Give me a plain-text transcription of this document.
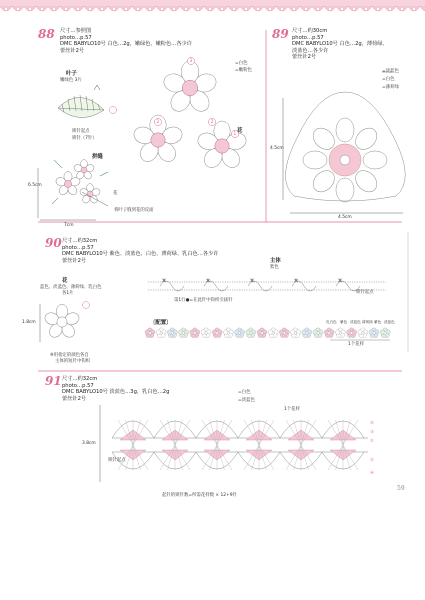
×	×	×	×	×
88 尺寸…参照图
photo…p.57
DMC BABYLO10号 白色…2g，嫩绿色、嫩粉色…各少许
蕾丝针2号
叶子
嫩绿色 3片
锁针起点
锁针（7针）
花
=白色
=嫩粉色
拼缝
花
将叶子缝到花的反面
6.5cm
7cm
3
2	2
1
89 尺寸…约30cm
photo…p.57
DMC BABYLO10号 白色…2g，薄荷绿、
淡蓝色…各少许
蕾丝针2号
=淡蓝色
=白色
=薄荷绿
4.5cm
4.5cm
90 尺寸…约32cm
photo…p.57
DMC BABYLO10号 紫色、淡蓝色、白色、薄荷绿、乳白色…各少许
蕾丝针2号
花
蓝色、淡蓝色、薄荷绿、乳白色
各1片
主体
紫色
第1行●=在此针中钩织引拔针
锁针起点
〔配置〕	乳白色 紫色 淡蓝色 薄荷绿 紫色 淡蓝色
1个花样
1.8cm
※用指定的颜色各自
主体的短针中钩织
91 尺寸…约32cm
photo…p.57
DMC BABYLO10号 淡蓝色…3g，乳白色…2g
蕾丝针2号
=白色
=淡蓝色
1个花样
3.8cm
锁针起点
⑤
③
①
②
④
起针的锁针数=所需花样数 × 12+9针
59
